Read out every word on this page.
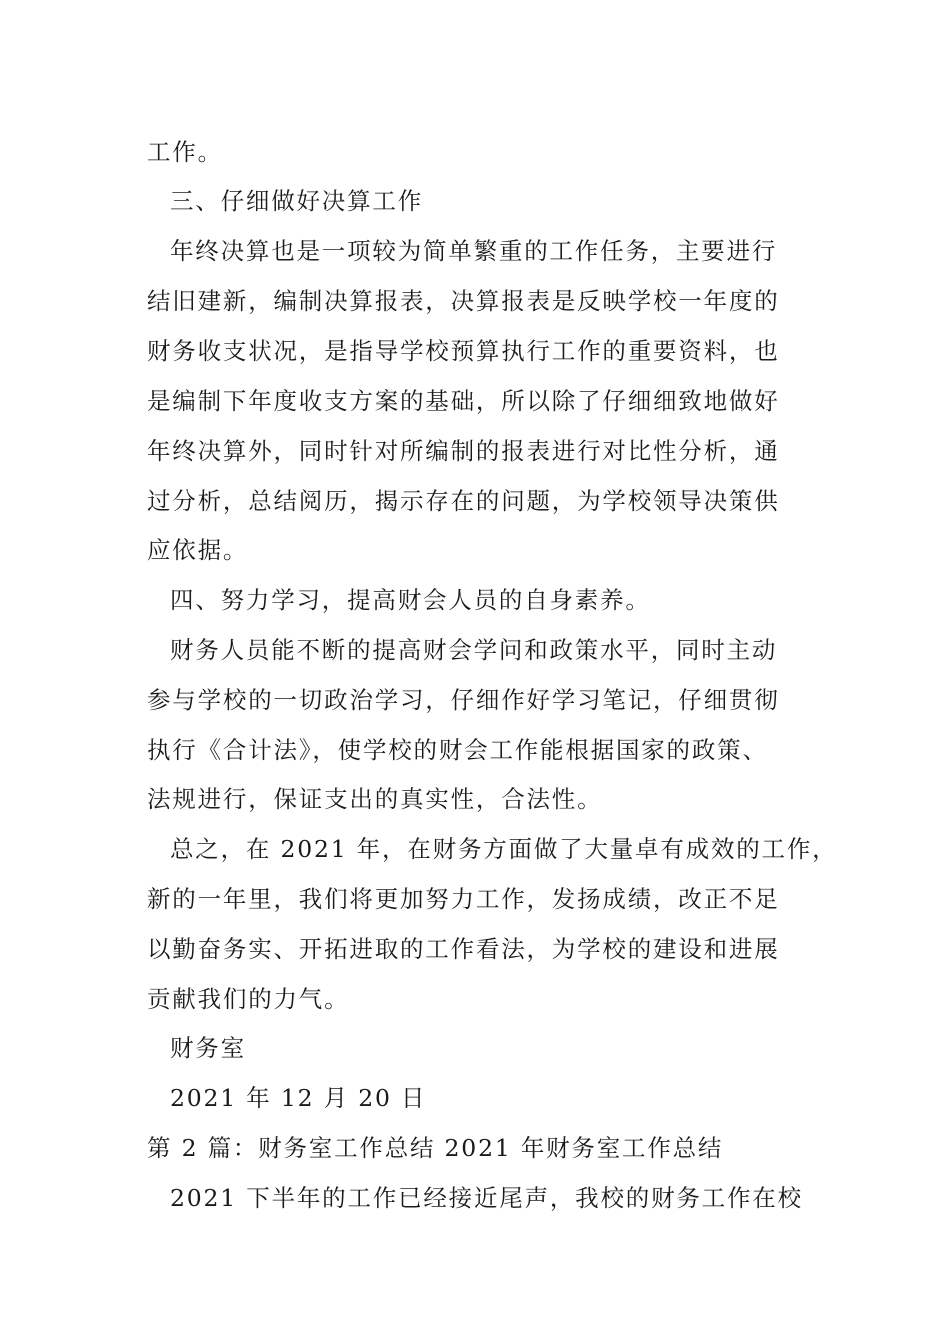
工作。
三、仔细做好决算工作
年终决算也是一项较为简单繁重的工作任务，主要进行
结旧建新，编制决算报表，决算报表是反映学校一年度的
财务收支状况，是指导学校预算执行工作的重要资料，也
是编制下年度收支方案的基础，所以除了仔细细致地做好
年终决算外，同时针对所编制的报表进行对比性分析，通
过分析，总结阅历，揭示存在的问题，为学校领导决策供
应依据。
四、努力学习，提高财会人员的自身素养。
财务人员能不断的提高财会学问和政策水平，同时主动
参与学校的一切政治学习，仔细作好学习笔记，仔细贯彻
执行《合计法》，使学校的财会工作能根据国家的政策、
法规进行，保证支出的真实性，合法性。
总之，在 2021 年，在财务方面做了大量卓有成效的工作，
新的一年里，我们将更加努力工作，发扬成绩，改正不足
以勤奋务实、开拓进取的工作看法，为学校的建设和进展
贡献我们的力气。
财务室
2021 年 12 月 20 日
第 2 篇：财务室工作总结 2021 年财务室工作总结
2021 下半年的工作已经接近尾声，我校的财务工作在校
